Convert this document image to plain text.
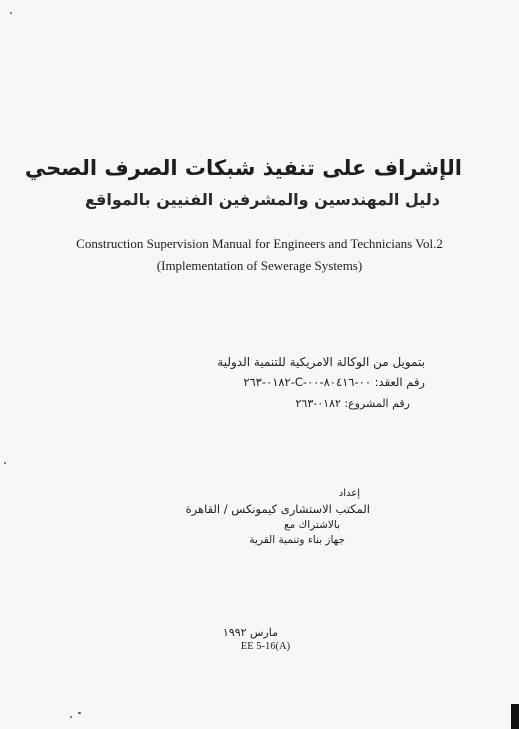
الإشراف على تنفيذ شبكات الصرف الصحي
دليل المهندسين والمشرفين الفنيين بالمواقع
Construction Supervision Manual for Engineers and Technicians Vol.2
(Implementation of Sewerage Systems)
بتمويل من الوكالة الامريكية للتنمية الدولية
رقم العقد: ٠٠-٨٠٤١٦-٠٠-C-٠١٨٢-٢٦٣
رقم المشروع: ٠١٨٢-٢٦٣
إعداد
المكتب الاستشارى كيمونكس / القاهرة
بالاشتراك مع
جهاز بناء وتنمية القرية
مارس ١٩٩٢
EE 5-16(A)
